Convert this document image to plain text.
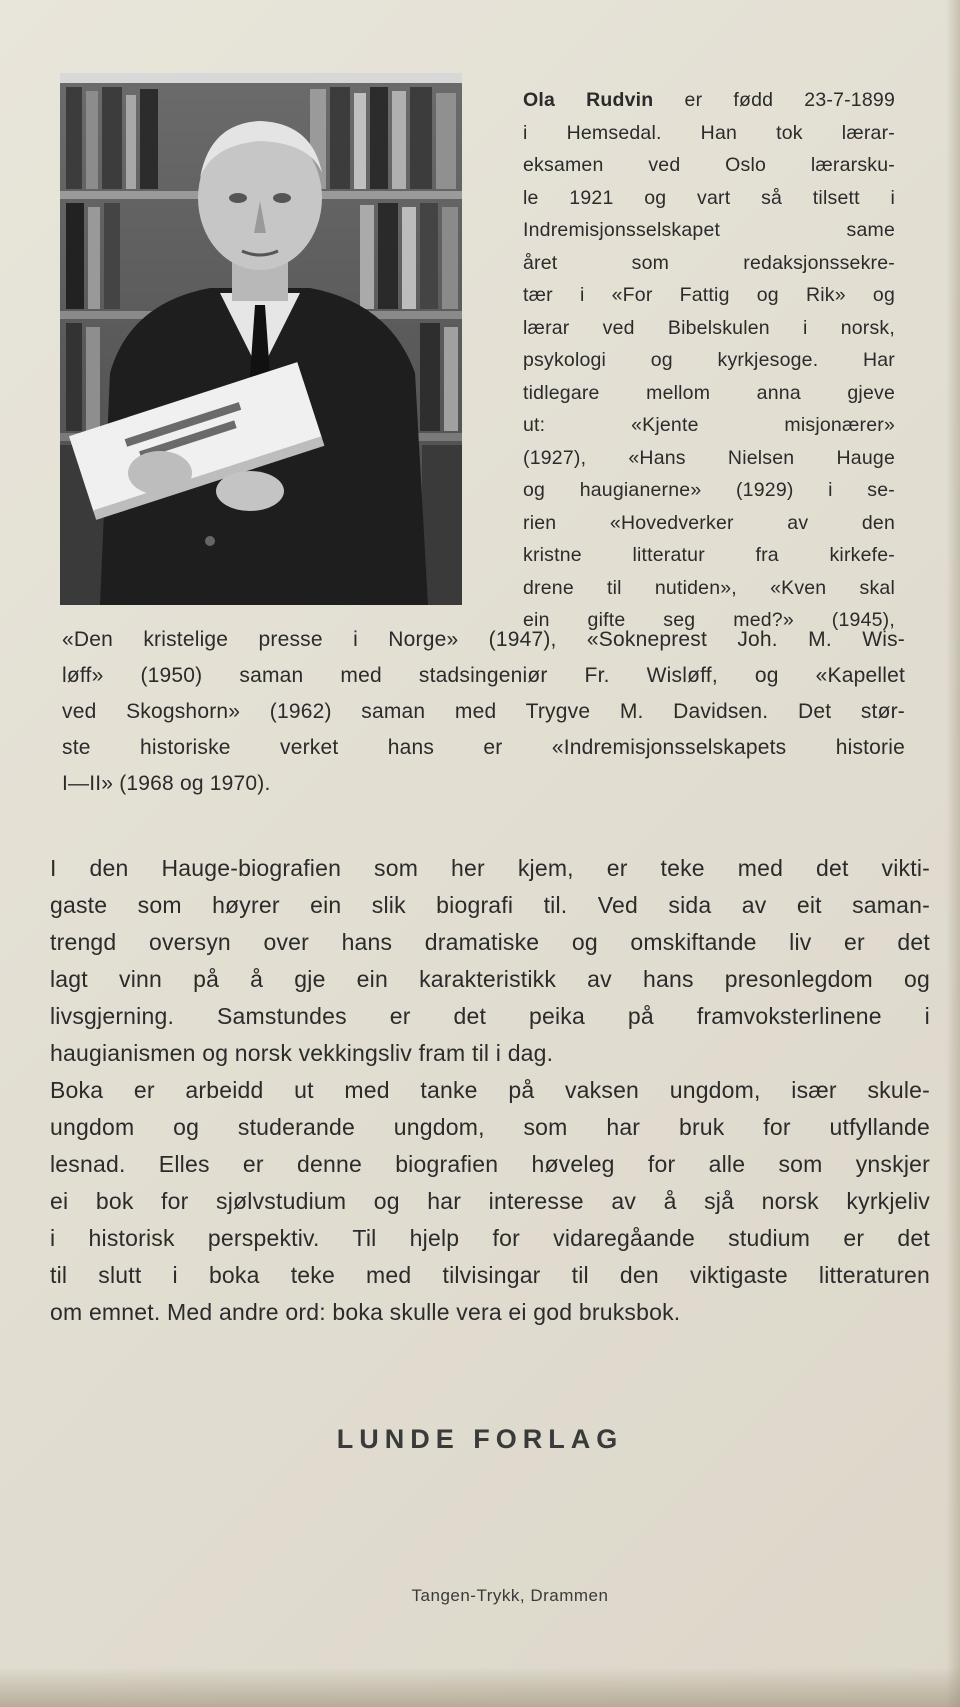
Ola Rudvin er fødd 23-7-1899
i Hemsedal. Han tok lærar-
eksamen ved Oslo lærarsku-
le 1921 og vart så tilsett i
Indremisjonsselskapet same
året som redaksjonssekre-
tær i «For Fattig og Rik» og
lærar ved Bibelskulen i norsk,
psykologi og kyrkjesoge. Har
tidlegare mellom anna gjeve
ut: «Kjente misjonærer»
(1927), «Hans Nielsen Hauge
og haugianerne» (1929) i se-
rien «Hovedverker av den
kristne litteratur fra kirkefe-
drene til nutiden», «Kven skal
ein gifte seg med?» (1945),
«Den kristelige presse i Norge» (1947), «Sokneprest Joh. M. Wis-
løff» (1950) saman med stadsingeniør Fr. Wisløff, og «Kapellet
ved Skogshorn» (1962) saman med Trygve M. Davidsen. Det stør-
ste historiske verket hans er «Indremisjonsselskapets historie
I—II» (1968 og 1970).
I den Hauge-biografien som her kjem, er teke med det vikti-
gaste som høyrer ein slik biografi til. Ved sida av eit saman-
trengd oversyn over hans dramatiske og omskiftande liv er det
lagt vinn på å gje ein karakteristikk av hans presonlegdom og
livsgjerning. Samstundes er det peika på framvoksterlinene i
haugianismen og norsk vekkingsliv fram til i dag.
Boka er arbeidd ut med tanke på vaksen ungdom, især skule-
ungdom og studerande ungdom, som har bruk for utfyllande
lesnad. Elles er denne biografien høveleg for alle som ynskjer
ei bok for sjølvstudium og har interesse av å sjå norsk kyrkjeliv
i historisk perspektiv. Til hjelp for vidaregåande studium er det
til slutt i boka teke med tilvisingar til den viktigaste litteraturen
om emnet. Med andre ord: boka skulle vera ei god bruksbok.
LUNDE FORLAG
Tangen-Trykk, Drammen
